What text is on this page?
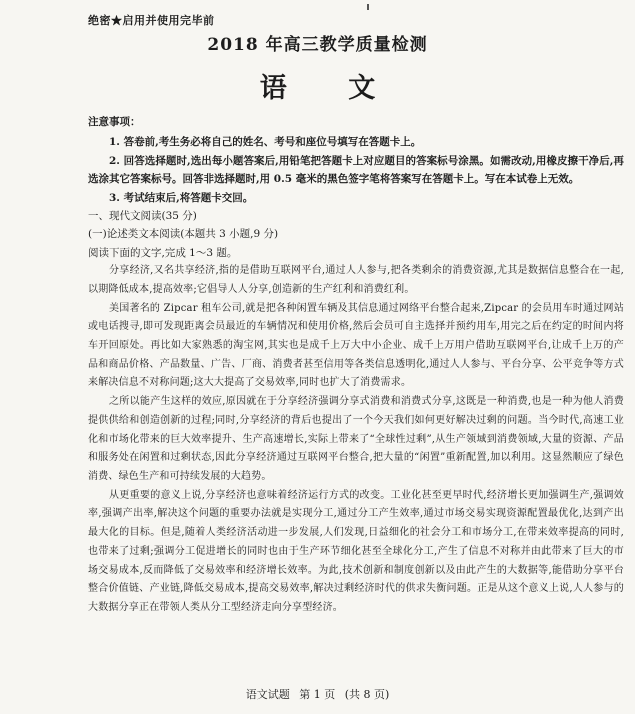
绝密★启用并使用完毕前
2018 年高三教学质量检测
语 文

注意事项：

1. 答卷前,考生务必将自己的姓名、考号和座位号填写在答题卡上。

2. 回答选择题时,选出每小题答案后,用铅笔把答题卡上对应题目的答案标号涂黑。如需改动,用橡皮擦干净后,再选涂其它答案标号。回答非选择题时,用 0.5 毫米的黑色签字笔将答案写在答题卡上。写在本试卷上无效。

3. 考试结束后,将答题卡交回。

一、现代文阅读(35 分)

(一)论述类文本阅读(本题共 3 小题,9 分)

阅读下面的文字,完成 1～3 题。

分享经济,又名共享经济,指的是借助互联网平台,通过人人参与,把各类剩余的消费资源,尤其是数据信息整合在一起,以期降低成本,提高效率;它倡导人人分享,创造新的生产红利和消费红利。

美国著名的 Zipcar 租车公司,就是把各种闲置车辆及其信息通过网络平台整合起来,Zipcar 的会员用车时通过网站或电话搜寻,即可发现距离会员最近的车辆情况和使用价格,然后会员可自主选择并预约用车,用完之后在约定的时间内将车开回原处。再比如大家熟悉的淘宝网,其实也是成千上万大中小企业、成千上万用户借助互联网平台,让成千上万的产品和商品价格、产品数量、广告、厂商、消费者甚至信用等各类信息透明化,通过人人参与、平台分享、公平竞争等方式来解决信息不对称问题;这大大提高了交易效率,同时也扩大了消费需求。

之所以能产生这样的效应,原因就在于分享经济强调分享式消费和消费式分享,这既是一种消费,也是一种为他人消费提供供给和创造创新的过程;同时,分享经济的背后也提出了一个今天我们如何更好解决过剩的问题。当今时代,高速工业化和市场化带来的巨大效率提升、生产高速增长,实际上带来了“全球性过剩”,从生产领域到消费领域,大量的资源、产品和服务处在闲置和过剩状态,因此分享经济通过互联网平台整合,把大量的“闲置”重新配置,加以利用。这显然顺应了绿色消费、绿色生产和可持续发展的大趋势。

从更重要的意义上说,分享经济也意味着经济运行方式的改变。工业化甚至更早时代,经济增长更加强调生产,强调效率,强调产出率,解决这个问题的重要办法就是实现分工,通过分工产生效率,通过市场交易实现资源配置最优化,达到产出最大化的目标。但是,随着人类经济活动进一步发展,人们发现,日益细化的社会分工和市场分工,在带来效率提高的同时,也带来了过剩;强调分工促进增长的同时也由于生产环节细化甚至全球化分工,产生了信息不对称并由此带来了巨大的市场交易成本,反而降低了交易效率和经济增长效率。为此,技术创新和制度创新以及由此产生的大数据等,能借助分享平台整合价值链、产业链,降低交易成本,提高交易效率,解决过剩经济时代的供求失衡问题。正是从这个意义上说,人人参与的大数据分享正在带领人类从分工型经济走向分享型经济。

语文试题 第 1 页 (共 8 页)
